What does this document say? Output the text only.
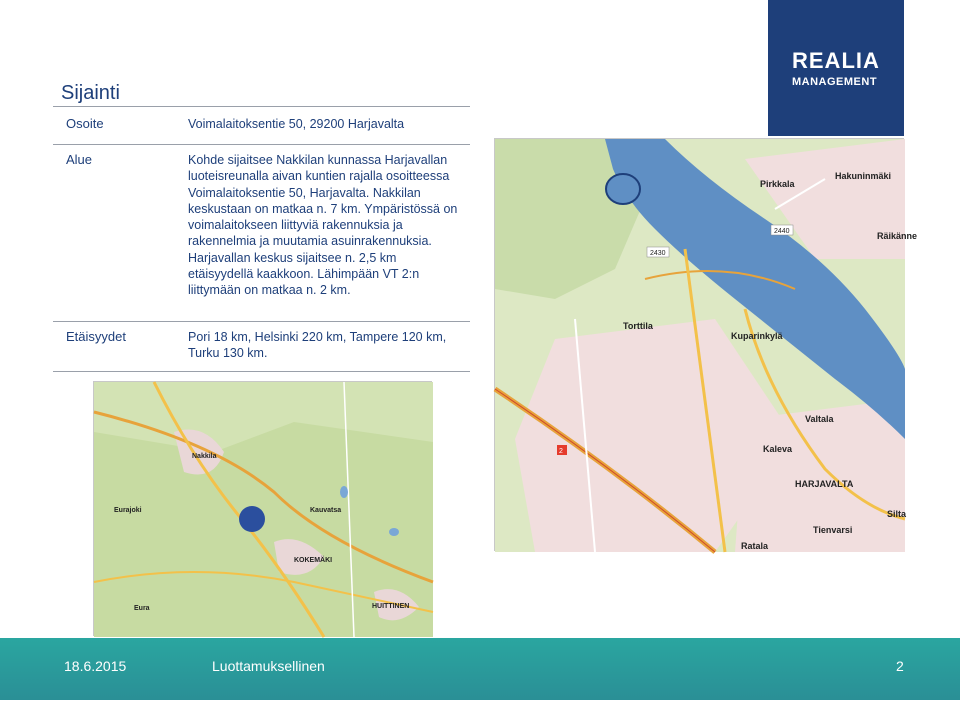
REALIA
MANAGEMENT
Sijainti
Osoite	Voimalaitoksentie 50, 29200 Harjavalta
Alue	Kohde sijaitsee Nakkilan kunnassa Harjavallan luoteisreunalla aivan kuntien rajalla osoitteessa Voimalaitoksentie 50, Harjavalta. Nakkilan keskustaan on matkaa n. 7 km. Ympäristössä on voimalaitokseen liittyviä rakennuksia ja rakennelmia ja muutamia asuinrakennuksia. Harjavallan keskus sijaitsee n. 2,5 km etäisyydellä kaakkoon. Lähimpään VT 2:n liittymään on matkaa n. 2 km.
Etäisyydet	Pori 18 km, Helsinki 220 km, Tampere 120 km, Turku 130 km.
Pirkkala
Hakuninmäki
Räikänne
Torttila
Kuparinkylä
Valtala
Kaleva
HARJAVALTA
Tienvarsi
Ratala
Silta
2440
2430
2
Nakkila
KOKEMÄKI
Kauvatsa
HUITTINEN
Eurajoki
Eura
18.6.2015	Luottamuksellinen	2
